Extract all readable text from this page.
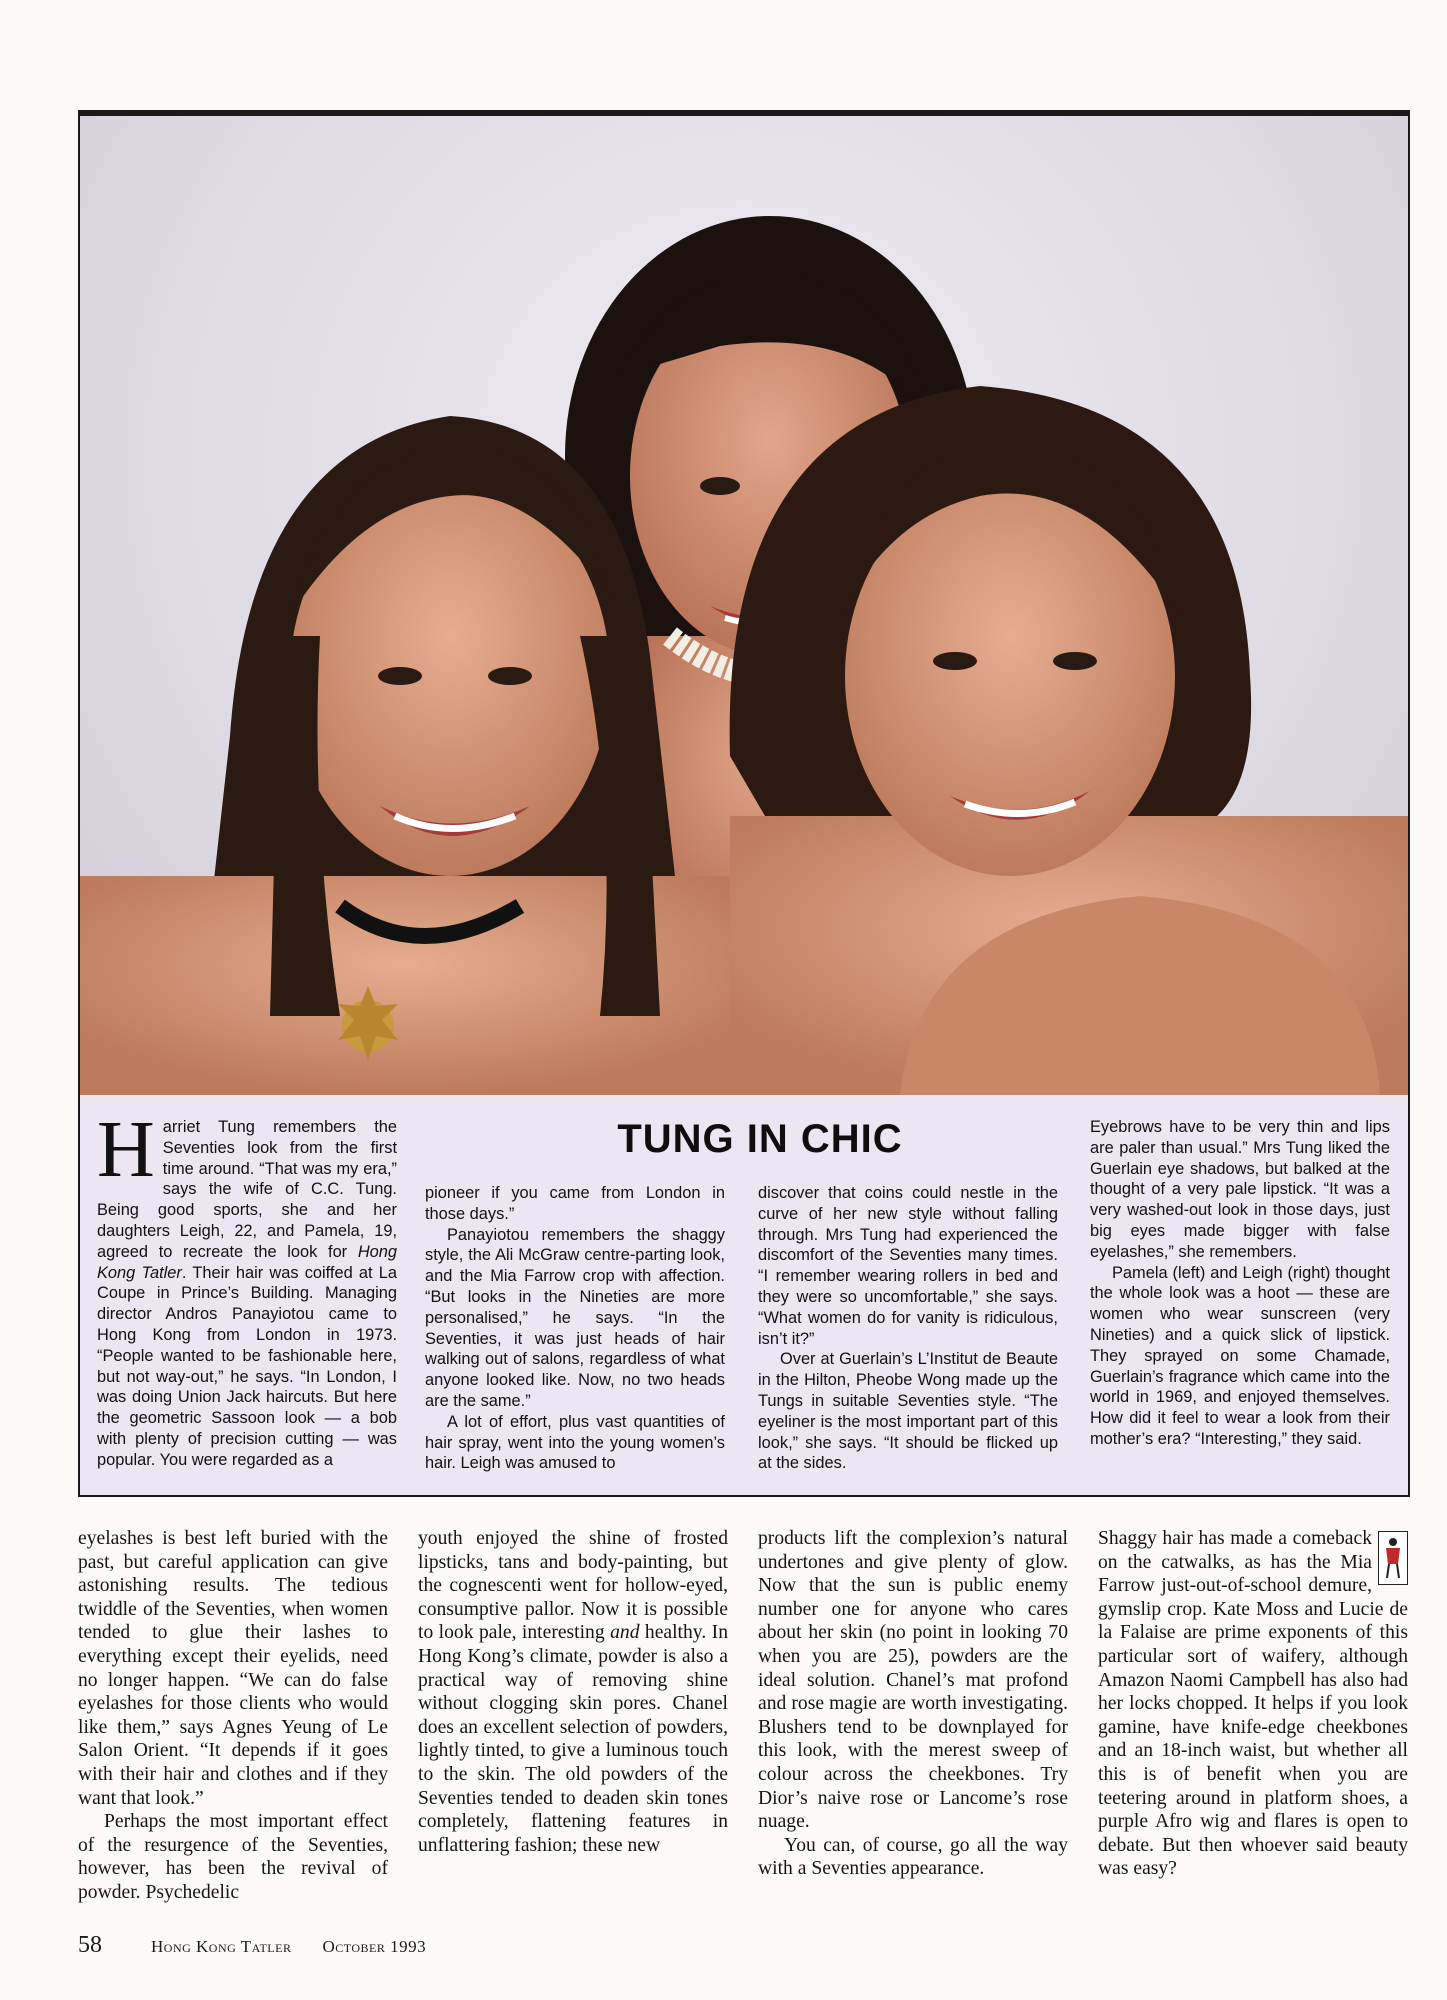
TUNG IN CHIC

Harriet Tung remembers the Seventies look from the first time around. “That was my era,” says the wife of C.C. Tung. Being good sports, she and her daughters Leigh, 22, and Pamela, 19, agreed to recreate the look for Hong Kong Tatler. Their hair was coiffed at La Coupe in Prince’s Building. Managing director Andros Panayiotou came to Hong Kong from London in 1973. “People wanted to be fashionable here, but not way-out,” he says. “In London, I was doing Union Jack haircuts. But here the geometric Sassoon look — a bob with plenty of precision cutting — was popular. You were regarded as a

pioneer if you came from London in those days.”

Panayiotou remembers the shaggy style, the Ali McGraw centre-parting look, and the Mia Farrow crop with affection. “But looks in the Nineties are more personalised,” he says. “In the Seventies, it was just heads of hair walking out of salons, regardless of what anyone looked like. Now, no two heads are the same.”

A lot of effort, plus vast quantities of hair spray, went into the young women’s hair. Leigh was amused to

discover that coins could nestle in the curve of her new style without falling through. Mrs Tung had experienced the discomfort of the Seventies many times. “I remember wearing rollers in bed and they were so uncomfortable,” she says. “What women do for vanity is ridiculous, isn’t it?”

Over at Guerlain’s L’Institut de Beaute in the Hilton, Pheobe Wong made up the Tungs in suitable Seventies style. “The eyeliner is the most important part of this look,” she says. “It should be flicked up at the sides.

Eyebrows have to be very thin and lips are paler than usual.” Mrs Tung liked the Guerlain eye shadows, but balked at the thought of a very pale lipstick. “It was a very washed-out look in those days, just big eyes made bigger with false eyelashes,” she remembers.

Pamela (left) and Leigh (right) thought the whole look was a hoot — these are women who wear sunscreen (very Nineties) and a quick slick of lipstick. They sprayed on some Chamade, Guerlain’s fragrance which came into the world in 1969, and enjoyed themselves. How did it feel to wear a look from their mother’s era? “Interesting,” they said.

eyelashes is best left buried with the past, but careful application can give astonishing results. The tedious twiddle of the Seventies, when women tended to glue their lashes to everything except their eyelids, need no longer happen. “We can do false eyelashes for those clients who would like them,” says Agnes Yeung of Le Salon Orient. “It depends if it goes with their hair and clothes and if they want that look.”

Perhaps the most important effect of the resurgence of the Seventies, however, has been the revival of powder. Psychedelic

youth enjoyed the shine of frosted lipsticks, tans and body-painting, but the cognescenti went for hollow-eyed, consumptive pallor. Now it is possible to look pale, interesting and healthy. In Hong Kong’s climate, powder is also a practical way of removing shine without clogging skin pores. Chanel does an excellent selection of powders, lightly tinted, to give a luminous touch to the skin. The old powders of the Seventies tended to deaden skin tones completely, flattening features in unflattering fashion; these new

products lift the complexion’s natural undertones and give plenty of glow. Now that the sun is public enemy number one for anyone who cares about her skin (no point in looking 70 when you are 25), powders are the ideal solution. Chanel’s mat profond and rose magie are worth investigating. Blushers tend to be downplayed for this look, with the merest sweep of colour across the cheekbones. Try Dior’s naive rose or Lancome’s rose nuage.

You can, of course, go all the way with a Seventies appearance.

Shaggy hair has made a comeback on the catwalks, as has the Mia Farrow just-out-of-school demure, gymslip crop. Kate Moss and Lucie de la Falaise are prime exponents of this particular sort of waifery, although Amazon Naomi Campbell has also had her locks chopped. It helps if you look gamine, have knife-edge cheekbones and an 18-inch waist, but whether all this is of benefit when you are teetering around in platform shoes, a purple Afro wig and flares is open to debate. But then whoever said beauty was easy?

58	Hong Kong Tatler October 1993
